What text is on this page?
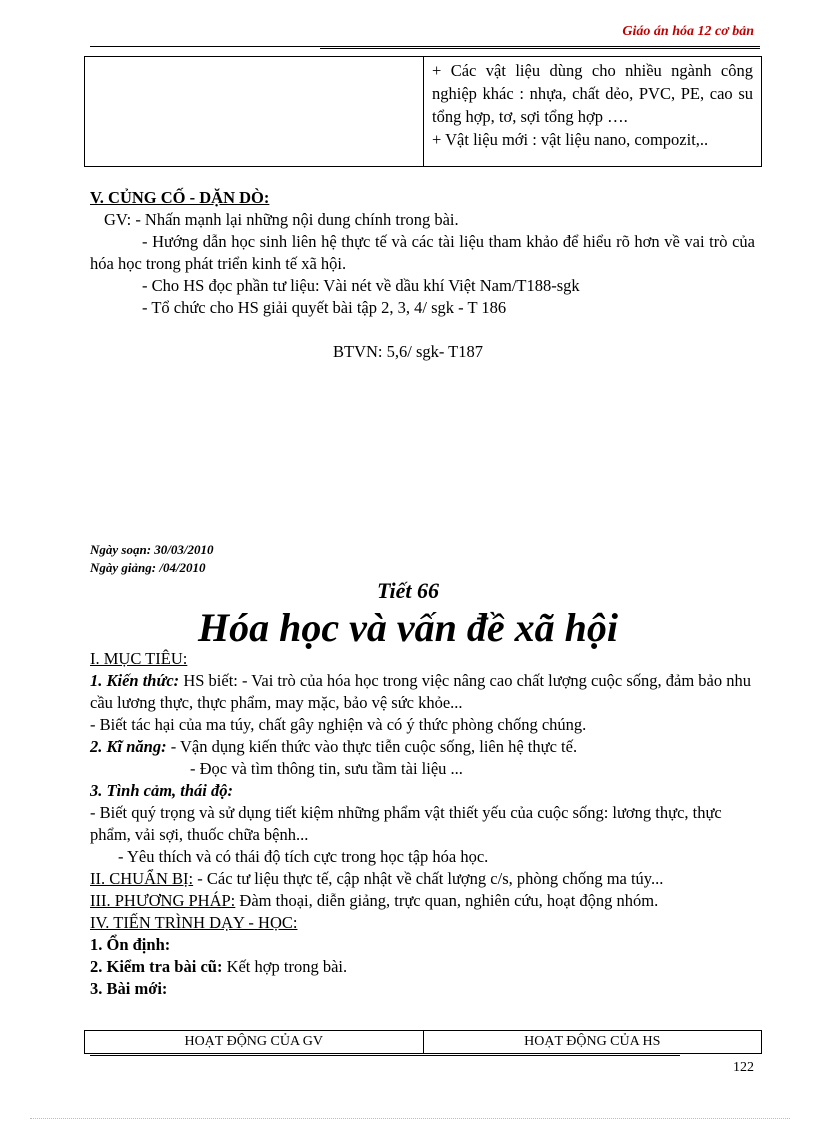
Giáo án hóa 12 cơ bản

+ Các vật liệu dùng cho nhiều ngành công nghiệp khác : nhựa, chất dẻo, PVC, PE, cao su tổng hợp, tơ, sợi tổng hợp ….

+ Vật liệu mới : vật liệu nano, compozit,..

V. CỦNG CỐ - DẶN DÒ:

GV: - Nhấn mạnh lại những nội dung chính trong bài.

- Hướng dẫn học sinh liên hệ thực tế và các tài liệu tham khảo để hiểu rõ hơn về vai trò của hóa học trong phát triển kinh tế xã hội.

- Cho HS đọc phần tư liệu: Vài nét về dầu khí Việt Nam/T188-sgk

- Tổ chức cho HS giải quyết bài tập 2, 3, 4/ sgk - T 186

BTVN: 5,6/ sgk- T187
Ngày soạn: 30/03/2010
Ngày giảng: /04/2010
Tiết 66
Hóa học và vấn đề xã hội

I. MỤC TIÊU:

1. Kiến thức: HS biết: - Vai trò của hóa học trong việc nâng cao chất lượng cuộc sống, đảm bảo nhu cầu lương thực, thực phẩm, may mặc, bảo vệ sức khỏe...

- Biết tác hại của ma túy, chất gây nghiện và có ý thức phòng chống chúng.

2. Kĩ năng: - Vận dụng kiến thức vào thực tiễn cuộc sống, liên hệ thực tế.

- Đọc và tìm thông tin, sưu tầm tài liệu ...

3. Tình cảm, thái độ:

- Biết quý trọng và sử dụng tiết kiệm những phẩm vật thiết yếu của cuộc sống: lương thực, thực phẩm, vải sợi, thuốc chữa bệnh...

- Yêu thích và có thái độ tích cực trong học tập hóa học.

II. CHUẨN BỊ: - Các tư liệu thực tế, cập nhật về chất lượng c/s, phòng chống ma túy...

III. PHƯƠNG PHÁP: Đàm thoại, diễn giảng, trực quan, nghiên cứu, hoạt động nhóm.

IV. TIẾN TRÌNH DẠY - HỌC:

1. Ổn định:

2. Kiểm tra bài cũ: Kết hợp trong bài.

3. Bài mới:

HOẠT ĐỘNG CỦA GV	HOẠT ĐỘNG CỦA HS
122
